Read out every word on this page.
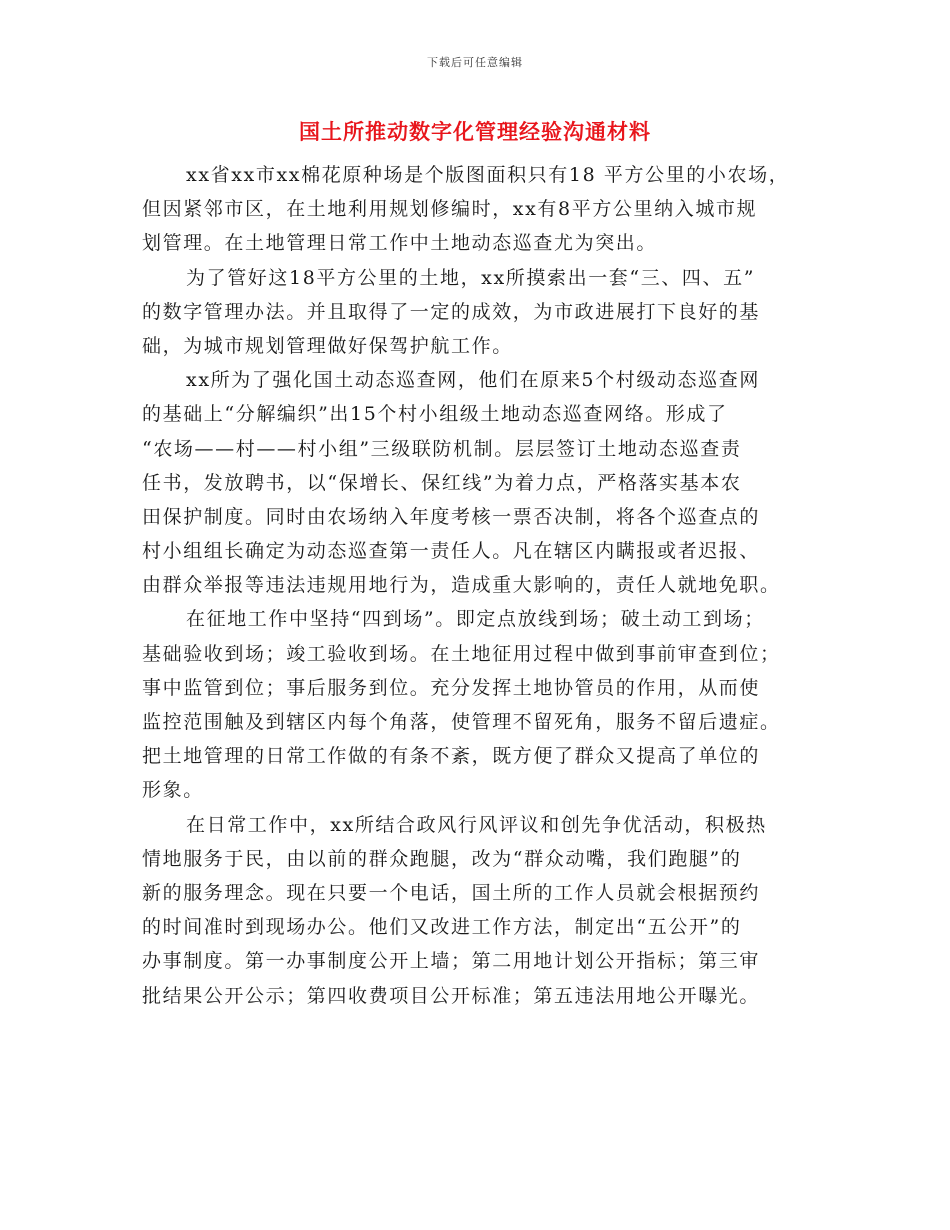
下载后可任意编辑
国土所推动数字化管理经验沟通材料

xx省xx市xx棉花原种场是个版图面积只有18 平方公里的小农场，
但因紧邻市区，在土地利用规划修编时，xx有8平方公里纳入城市规
划管理。在土地管理日常工作中土地动态巡查尤为突出。

为了管好这18平方公里的土地，xx所摸索出一套“三、四、五”
的数字管理办法。并且取得了一定的成效，为市政进展打下良好的基
础，为城市规划管理做好保驾护航工作。

xx所为了强化国土动态巡查网，他们在原来5个村级动态巡查网
的基础上“分解编织”出15个村小组级土地动态巡查网络。形成了
“农场——村——村小组”三级联防机制。层层签订土地动态巡查责
任书，发放聘书，以“保增长、保红线”为着力点，严格落实基本农
田保护制度。同时由农场纳入年度考核一票否决制，将各个巡查点的
村小组组长确定为动态巡查第一责任人。凡在辖区内瞒报或者迟报、
由群众举报等违法违规用地行为，造成重大影响的，责任人就地免职。

在征地工作中坚持“四到场”。即定点放线到场；破土动工到场；
基础验收到场；竣工验收到场。在土地征用过程中做到事前审查到位；
事中监管到位；事后服务到位。充分发挥土地协管员的作用，从而使
监控范围触及到辖区内每个角落，使管理不留死角，服务不留后遗症。
把土地管理的日常工作做的有条不紊，既方便了群众又提高了单位的
形象。

在日常工作中，xx所结合政风行风评议和创先争优活动，积极热
情地服务于民，由以前的群众跑腿，改为“群众动嘴，我们跑腿”的
新的服务理念。现在只要一个电话，国土所的工作人员就会根据预约
的时间准时到现场办公。他们又改进工作方法，制定出“五公开”的
办事制度。第一办事制度公开上墙；第二用地计划公开指标；第三审
批结果公开公示；第四收费项目公开标准；第五违法用地公开曝光。
